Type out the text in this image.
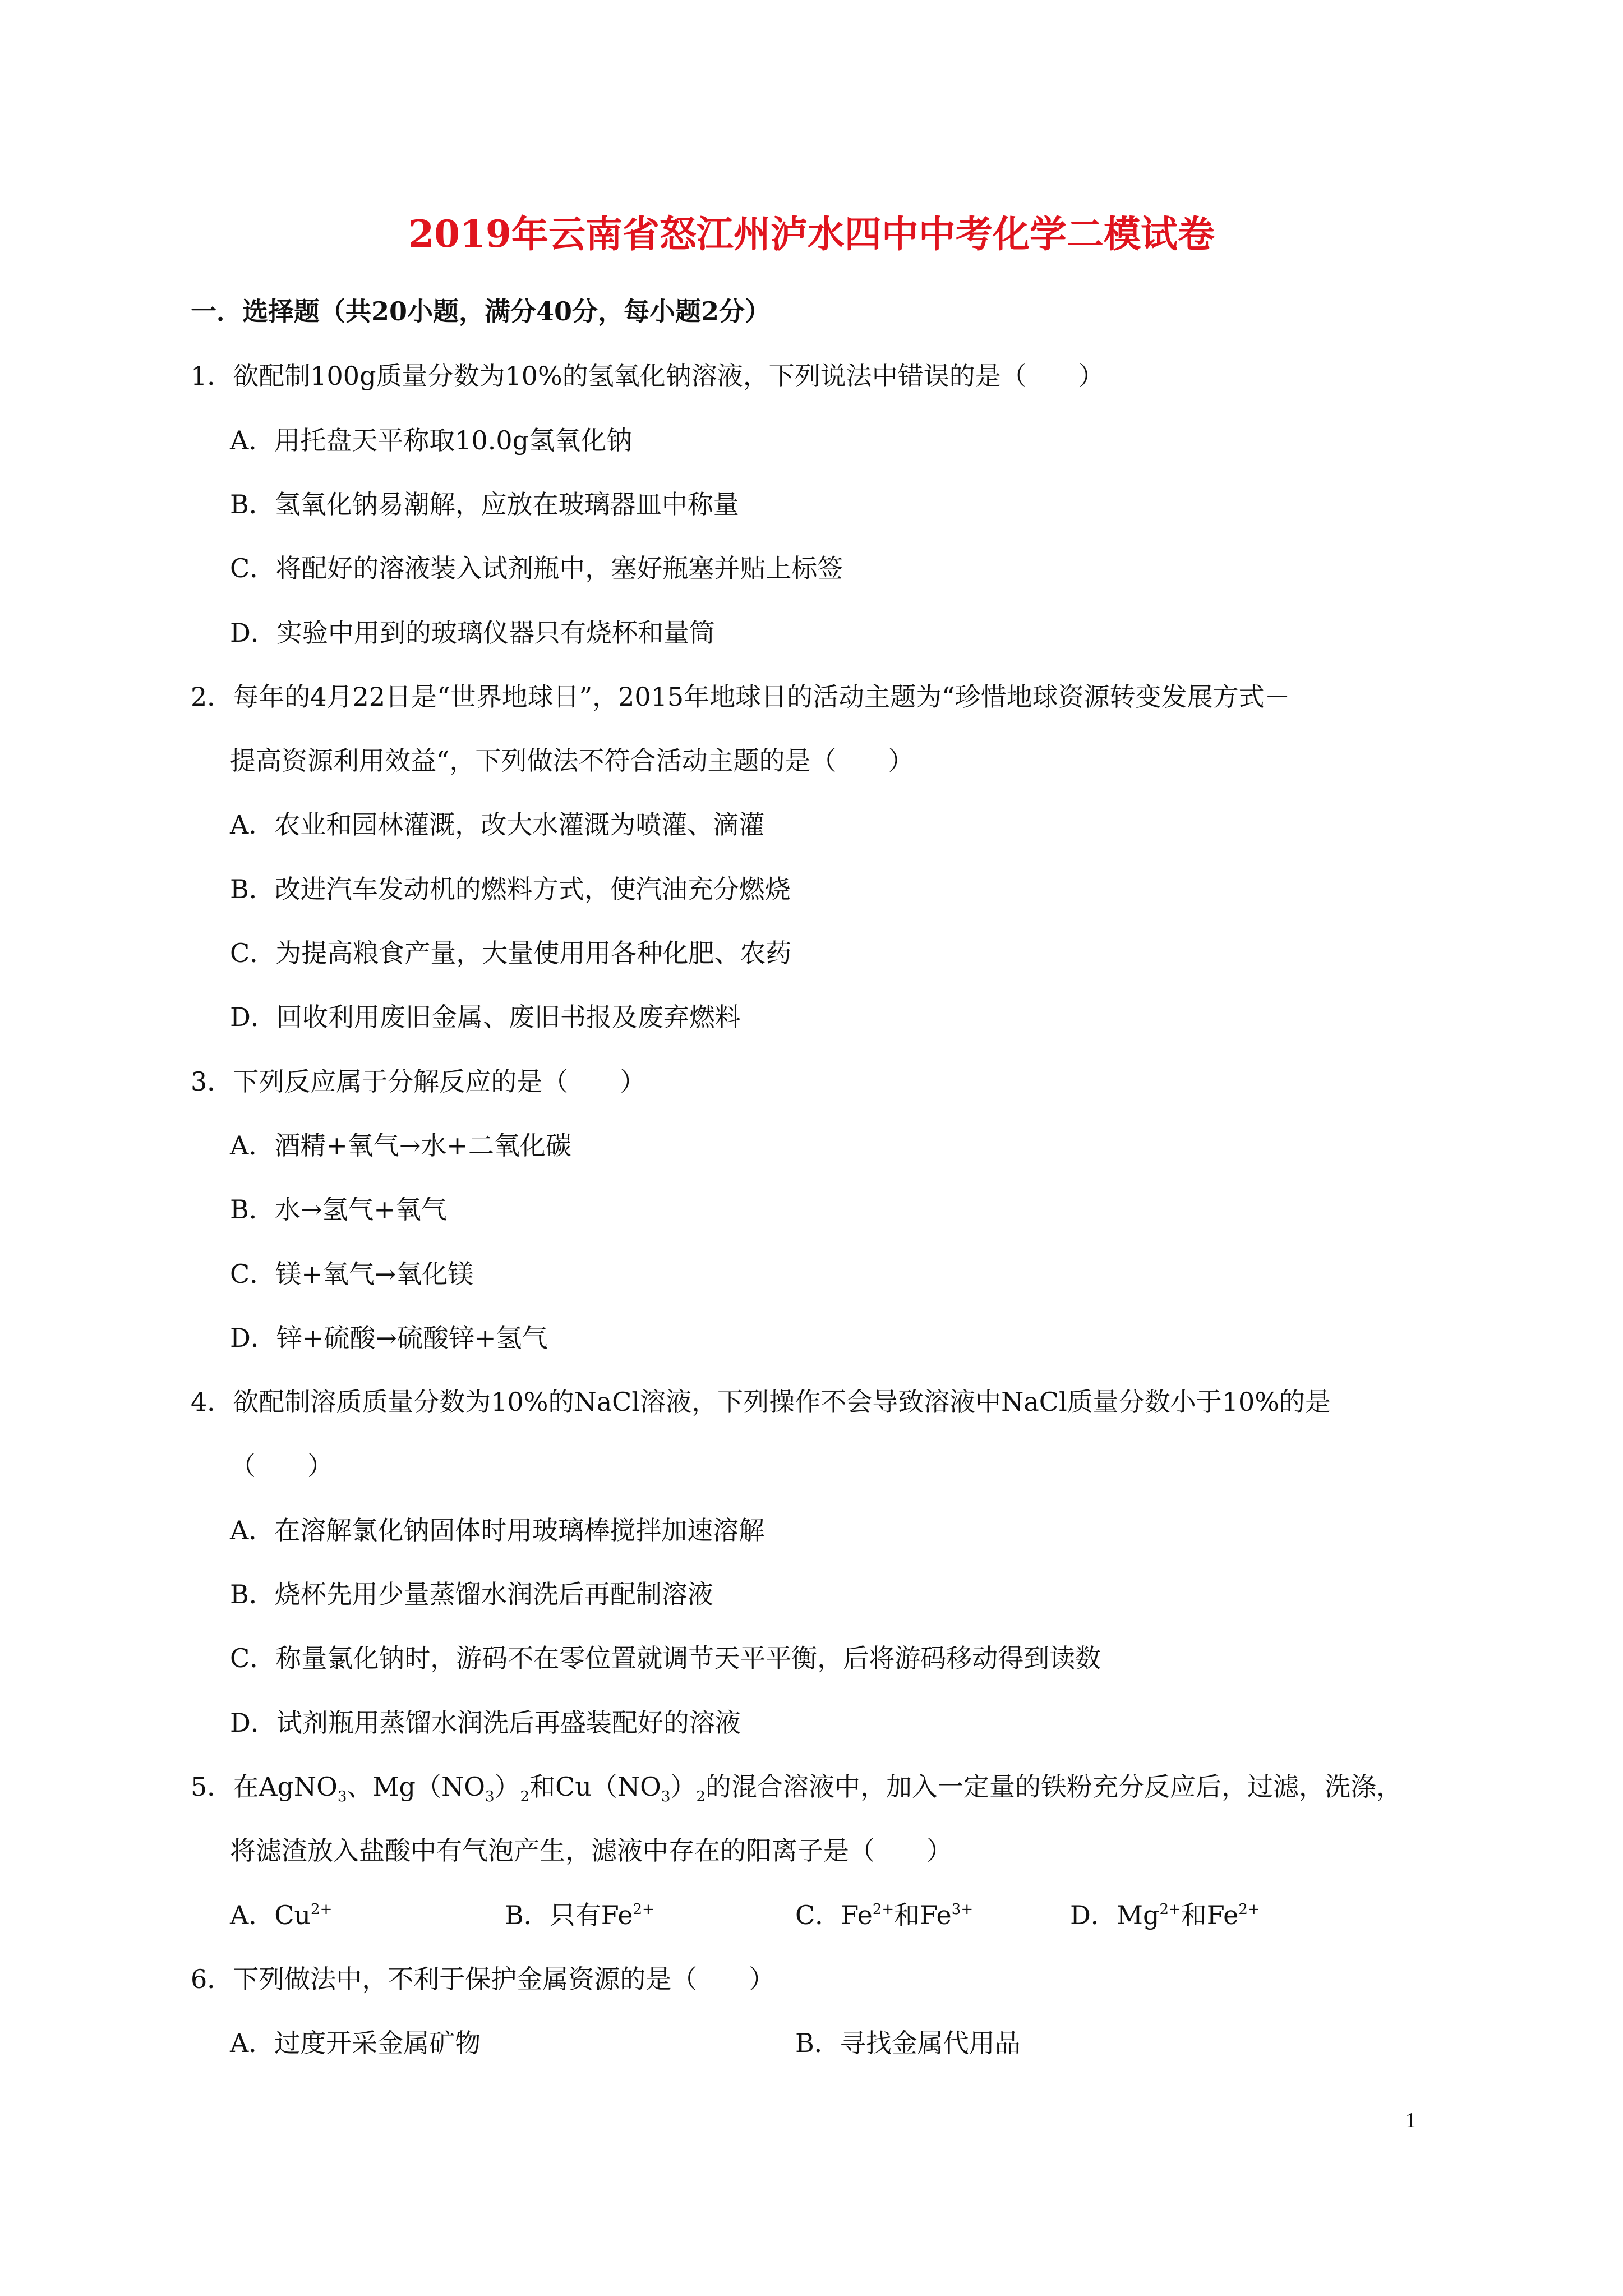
2019年云南省怒江州泸水四中中考化学二模试卷
一．选择题（共20小题，满分40分，每小题2分）
1．欲配制100g质量分数为10%的氢氧化钠溶液，下列说法中错误的是（　　）
A．用托盘天平称取10.0g氢氧化钠
B．氢氧化钠易潮解，应放在玻璃器皿中称量
C．将配好的溶液装入试剂瓶中，塞好瓶塞并贴上标签
D．实验中用到的玻璃仪器只有烧杯和量筒
2．每年的4月22日是“世界地球日”，2015年地球日的活动主题为“珍惜地球资源转变发展方式－
提高资源利用效益“，下列做法不符合活动主题的是（　　）
A．农业和园林灌溉，改大水灌溉为喷灌、滴灌
B．改进汽车发动机的燃料方式，使汽油充分燃烧
C．为提高粮食产量，大量使用用各种化肥、农药
D．回收利用废旧金属、废旧书报及废弃燃料
3．下列反应属于分解反应的是（　　）
A．酒精+氧气→水+二氧化碳
B．水→氢气+氧气
C．镁+氧气→氧化镁
D．锌+硫酸→硫酸锌+氢气
4．欲配制溶质质量分数为10%的NaCl溶液，下列操作不会导致溶液中NaCl质量分数小于10%的是
（　　）
A．在溶解氯化钠固体时用玻璃棒搅拌加速溶解
B．烧杯先用少量蒸馏水润洗后再配制溶液
C．称量氯化钠时，游码不在零位置就调节天平平衡，后将游码移动得到读数
D．试剂瓶用蒸馏水润洗后再盛装配好的溶液
5．在AgNO$_3$、$Mg(NO_3)_2$和$Cu(NO_3)_2$的混合溶液中，加入一定量的铁粉充分反应后，过滤，洗涤，
将滤渣放入盐酸中有气泡产生，滤液中存在的阳离子是（　　）
A．$Cu^{2+}$	B．只有$Fe^{2+}$	C．$Fe^{2+}$和$Fe^{3+}$	D．$Mg^{2+}$和$Fe^{2+}$
6．下列做法中，不利于保护金属资源的是（　　）
A．过度开采金属矿物	B．寻找金属代用品
1
